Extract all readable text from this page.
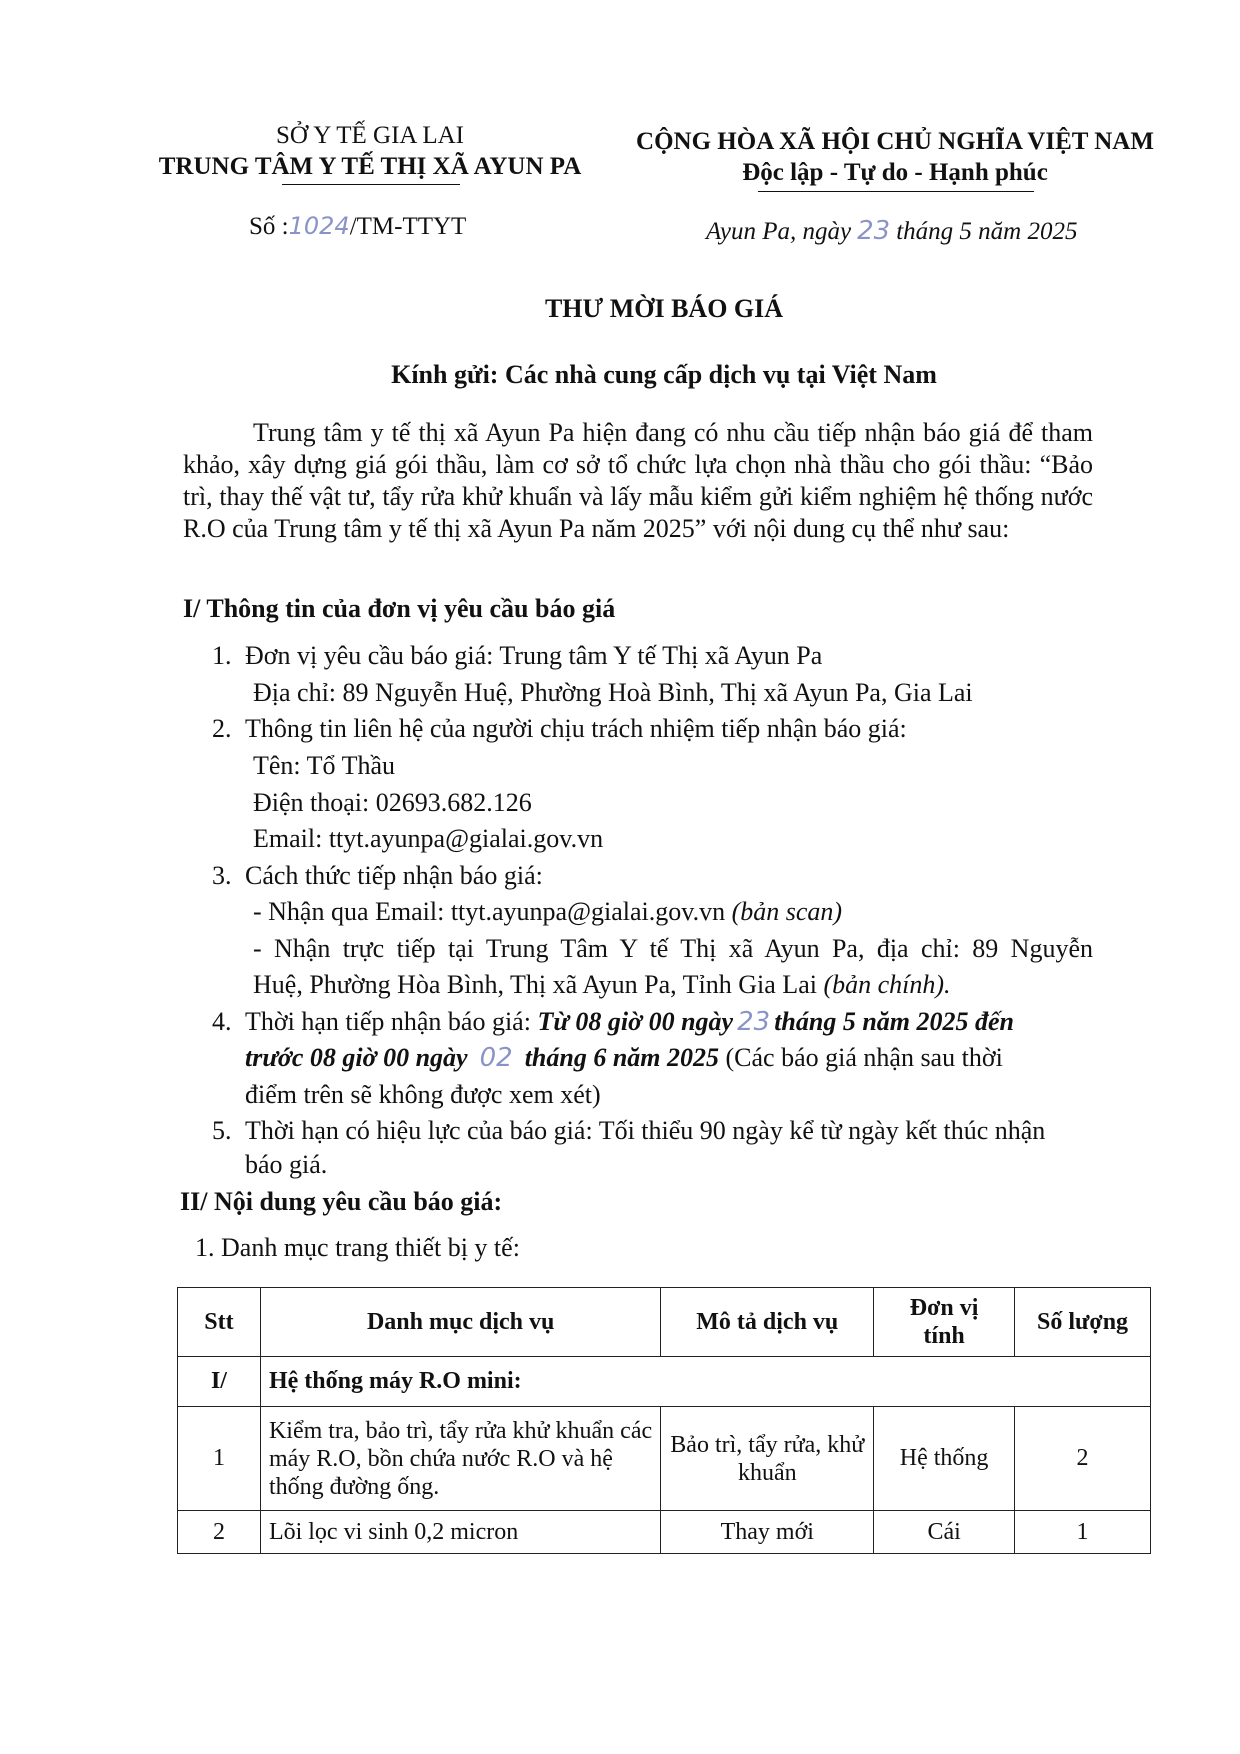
SỞ Y TẾ GIA LAI
TRUNG TÂM Y TẾ THỊ XÃ AYUN PA
Số :1024/TM-TTYT
CỘNG HÒA XÃ HỘI CHỦ NGHĨA VIỆT NAM
Độc lập - Tự do - Hạnh phúc
Ayun Pa, ngày 23 tháng 5 năm 2025
THƯ MỜI BÁO GIÁ
Kính gửi: Các nhà cung cấp dịch vụ tại Việt Nam
Trung tâm y tế thị xã Ayun Pa hiện đang có nhu cầu tiếp nhận báo giá để tham khảo, xây dựng giá gói thầu, làm cơ sở tổ chức lựa chọn nhà thầu cho gói thầu: “Bảo trì, thay thế vật tư, tẩy rửa khử khuẩn và lấy mẫu kiểm gửi kiểm nghiệm hệ thống nước R.O của Trung tâm y tế thị xã Ayun Pa năm 2025” với nội dung cụ thể như sau:
I/ Thông tin của đơn vị yêu cầu báo giá
1. Đơn vị yêu cầu báo giá: Trung tâm Y tế Thị xã Ayun Pa
Địa chỉ: 89 Nguyễn Huệ, Phường Hoà Bình, Thị xã Ayun Pa, Gia Lai
2. Thông tin liên hệ của người chịu trách nhiệm tiếp nhận báo giá:
Tên: Tổ Thầu
Điện thoại: 02693.682.126
Email: ttyt.ayunpa@gialai.gov.vn
3. Cách thức tiếp nhận báo giá:
- Nhận qua Email: ttyt.ayunpa@gialai.gov.vn (bản scan)
- Nhận trực tiếp tại Trung Tâm Y tế Thị xã Ayun Pa, địa chỉ: 89 Nguyễn
Huệ, Phường Hòa Bình, Thị xã Ayun Pa, Tỉnh Gia Lai (bản chính).
4. Thời hạn tiếp nhận báo giá: Từ 08 giờ 00 ngày 23 tháng 5 năm 2025 đến
trước 08 giờ 00 ngày 02 tháng 6 năm 2025 (Các báo giá nhận sau thời
điểm trên sẽ không được xem xét)
5. Thời hạn có hiệu lực của báo giá: Tối thiểu 90 ngày kể từ ngày kết thúc nhận
báo giá.
II/ Nội dung yêu cầu báo giá:
1. Danh mục trang thiết bị y tế:
Stt	Danh mục dịch vụ	Mô tả dịch vụ	Đơn vị tính	Số lượng
I/	Hệ thống máy R.O mini:			
1	Kiểm tra, bảo trì, tẩy rửa khử khuẩn các máy R.O, bồn chứa nước R.O và hệ thống đường ống.	Bảo trì, tẩy rửa, khử khuẩn	Hệ thống	2
2	Lõi lọc vi sinh 0,2 micron	Thay mới	Cái	1
